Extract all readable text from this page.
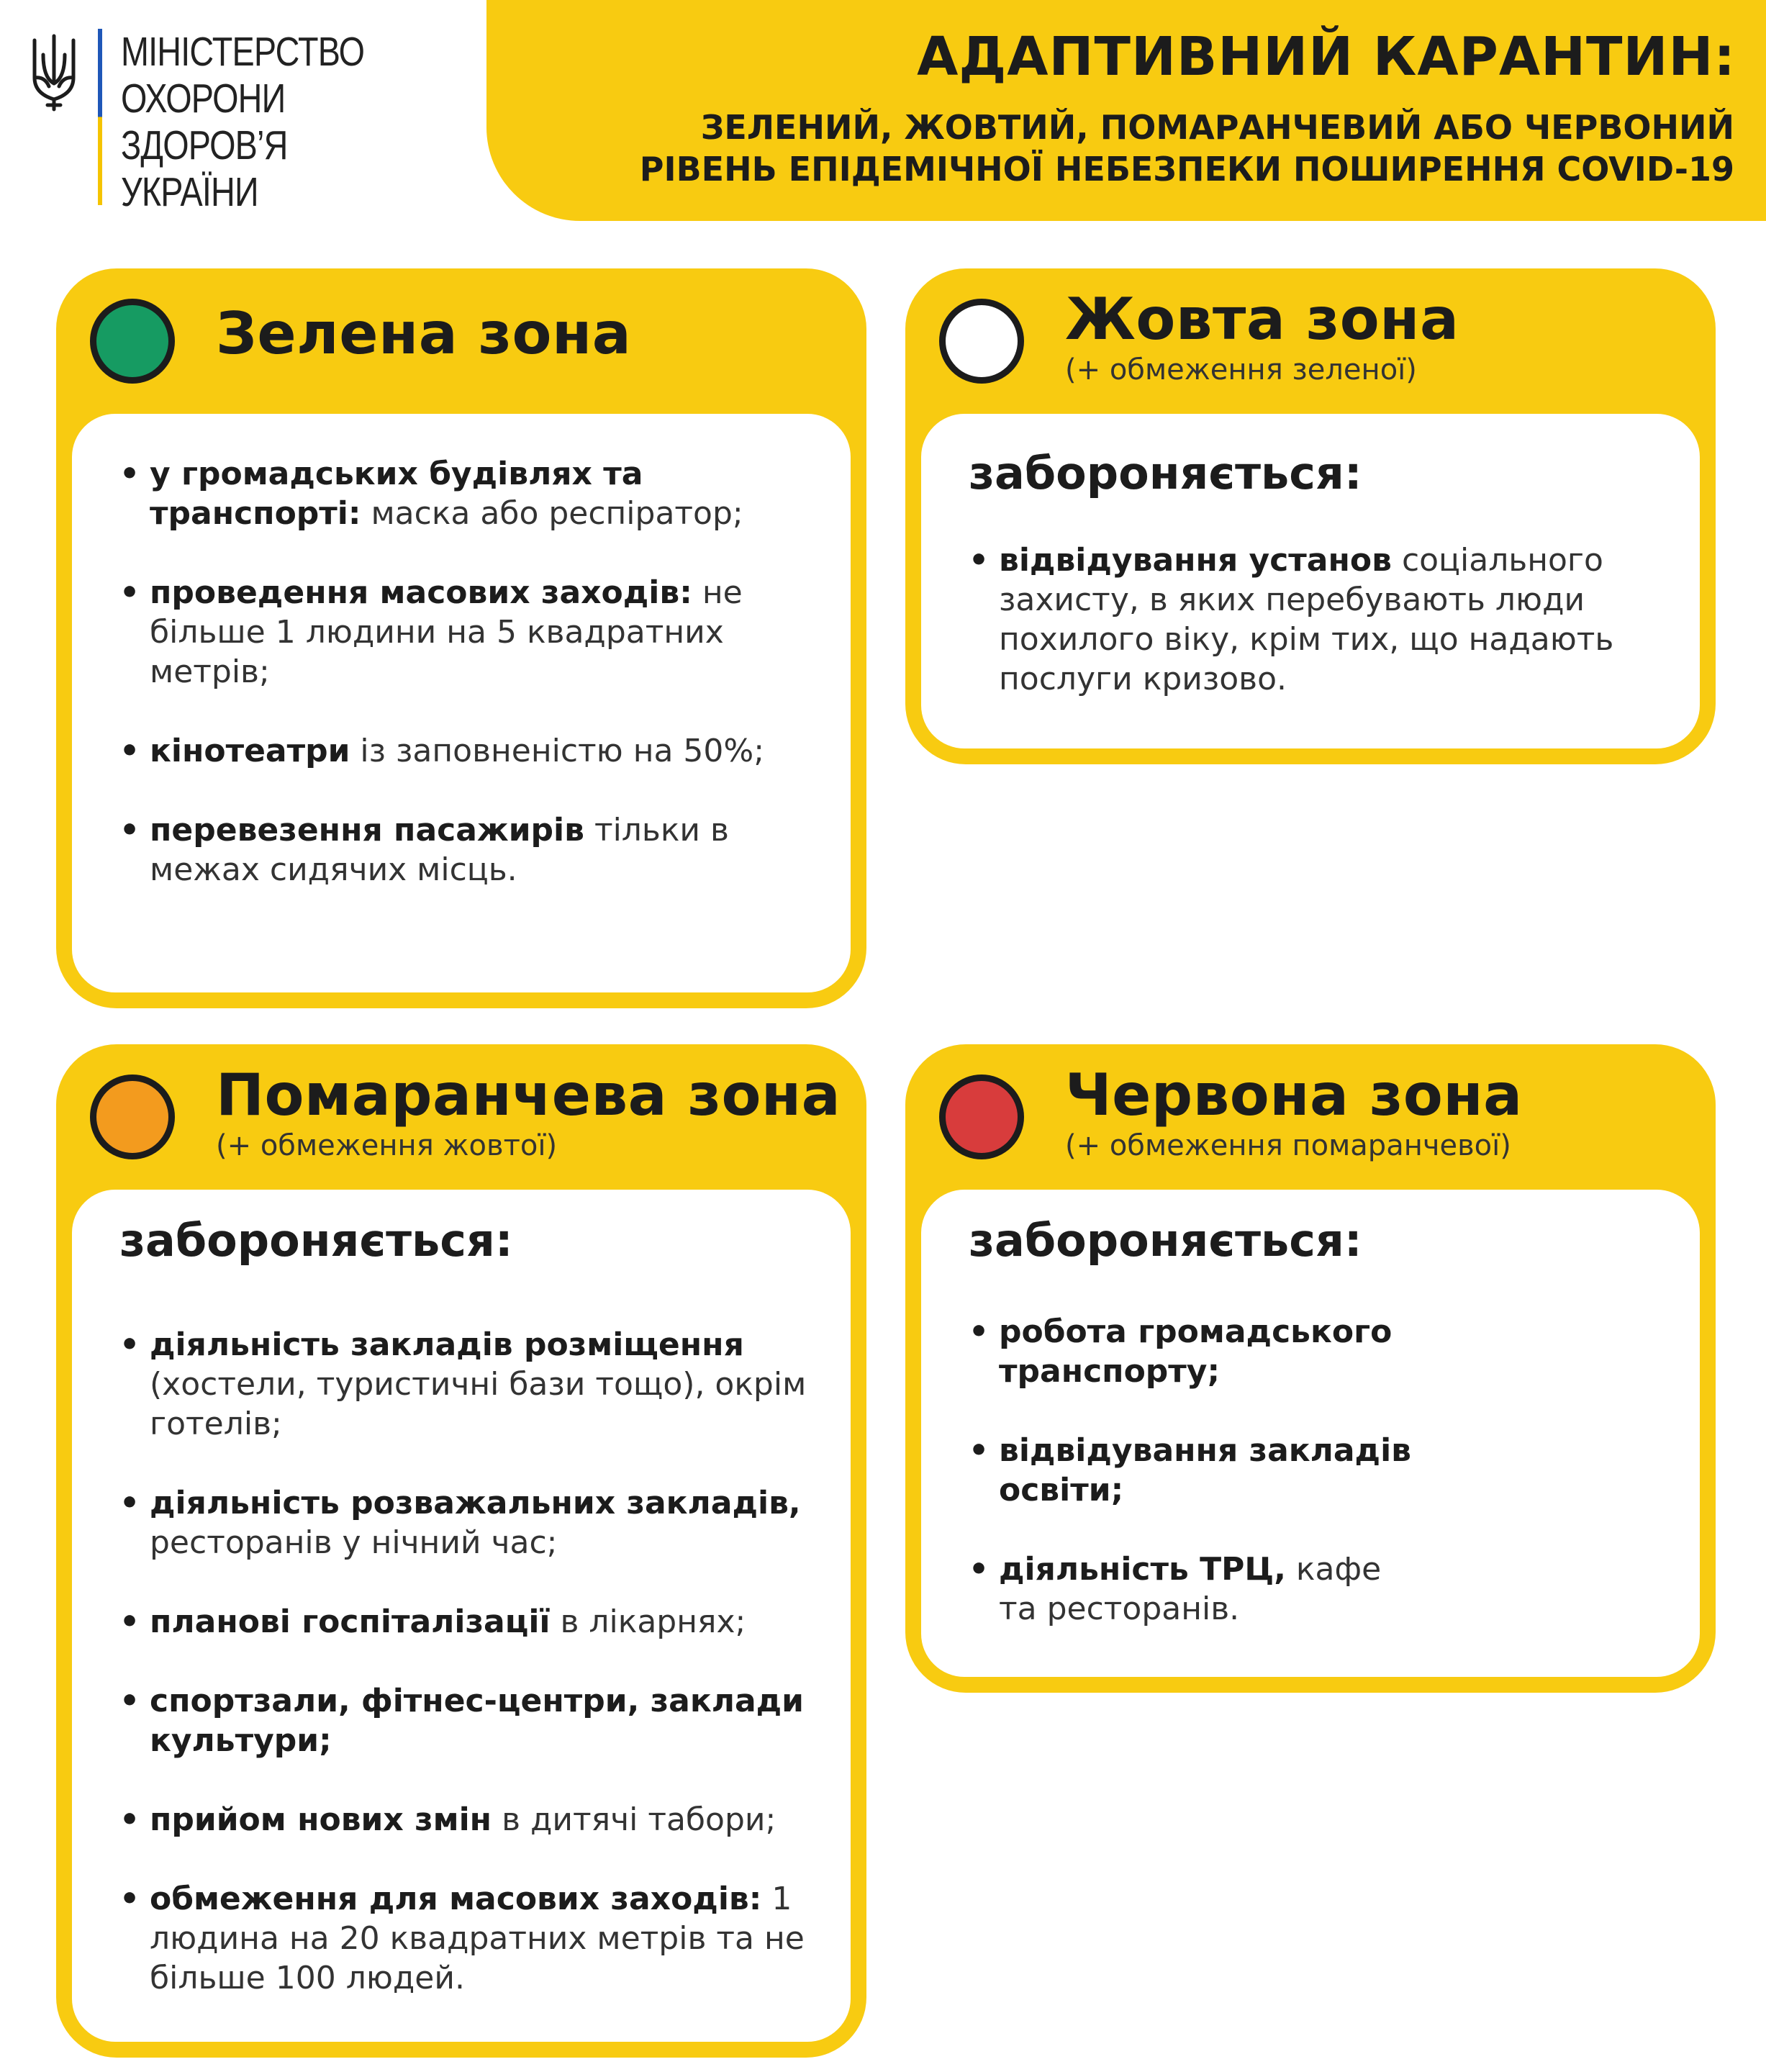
МІНІСТЕРСТВО
ОХОРОНИ
ЗДОРОВ’Я
УКРАЇНИ
АДАПТИВНИЙ КАРАНТИН:
ЗЕЛЕНИЙ, ЖОВТИЙ, ПОМАРАНЧЕВИЙ АБО ЧЕРВОНИЙ
РІВЕНЬ ЕПІДЕМІЧНОЇ НЕБЕЗПЕКИ ПОШИРЕННЯ COVID-19
Зелена зона
• у громадських будівлях та транспорті: маска або респіратор;
• проведення масових заходів: не більше 1 людини на 5 квадратних метрів;
• кінотеатри із заповненістю на 50%;
• перевезення пасажирів тільки в межах сидячих місць.
Жовта зона
(+ обмеження зеленої)
забороняється:
• відвідування установ соціального захисту, в яких перебувають люди похилого віку, крім тих, що надають послуги кризово.
Помаранчева зона
(+ обмеження жовтої)
забороняється:
• діяльність закладів розміщення (хостели, туристичні бази тощо), окрім готелів;
• діяльність розважальних закладів, ресторанів у нічний час;
• планові госпіталізації в лікарнях;
• спортзали, фітнес-центри, заклади культури;
• прийом нових змін в дитячі табори;
• обмеження для масових заходів: 1 людина на 20 квадратних метрів та не більше 100 людей.
Червона зона
(+ обмеження помаранчевої)
забороняється:
• робота громадського транспорту;
• відвідування закладів освіти;
• діяльність ТРЦ, кафе та ресторанів.
